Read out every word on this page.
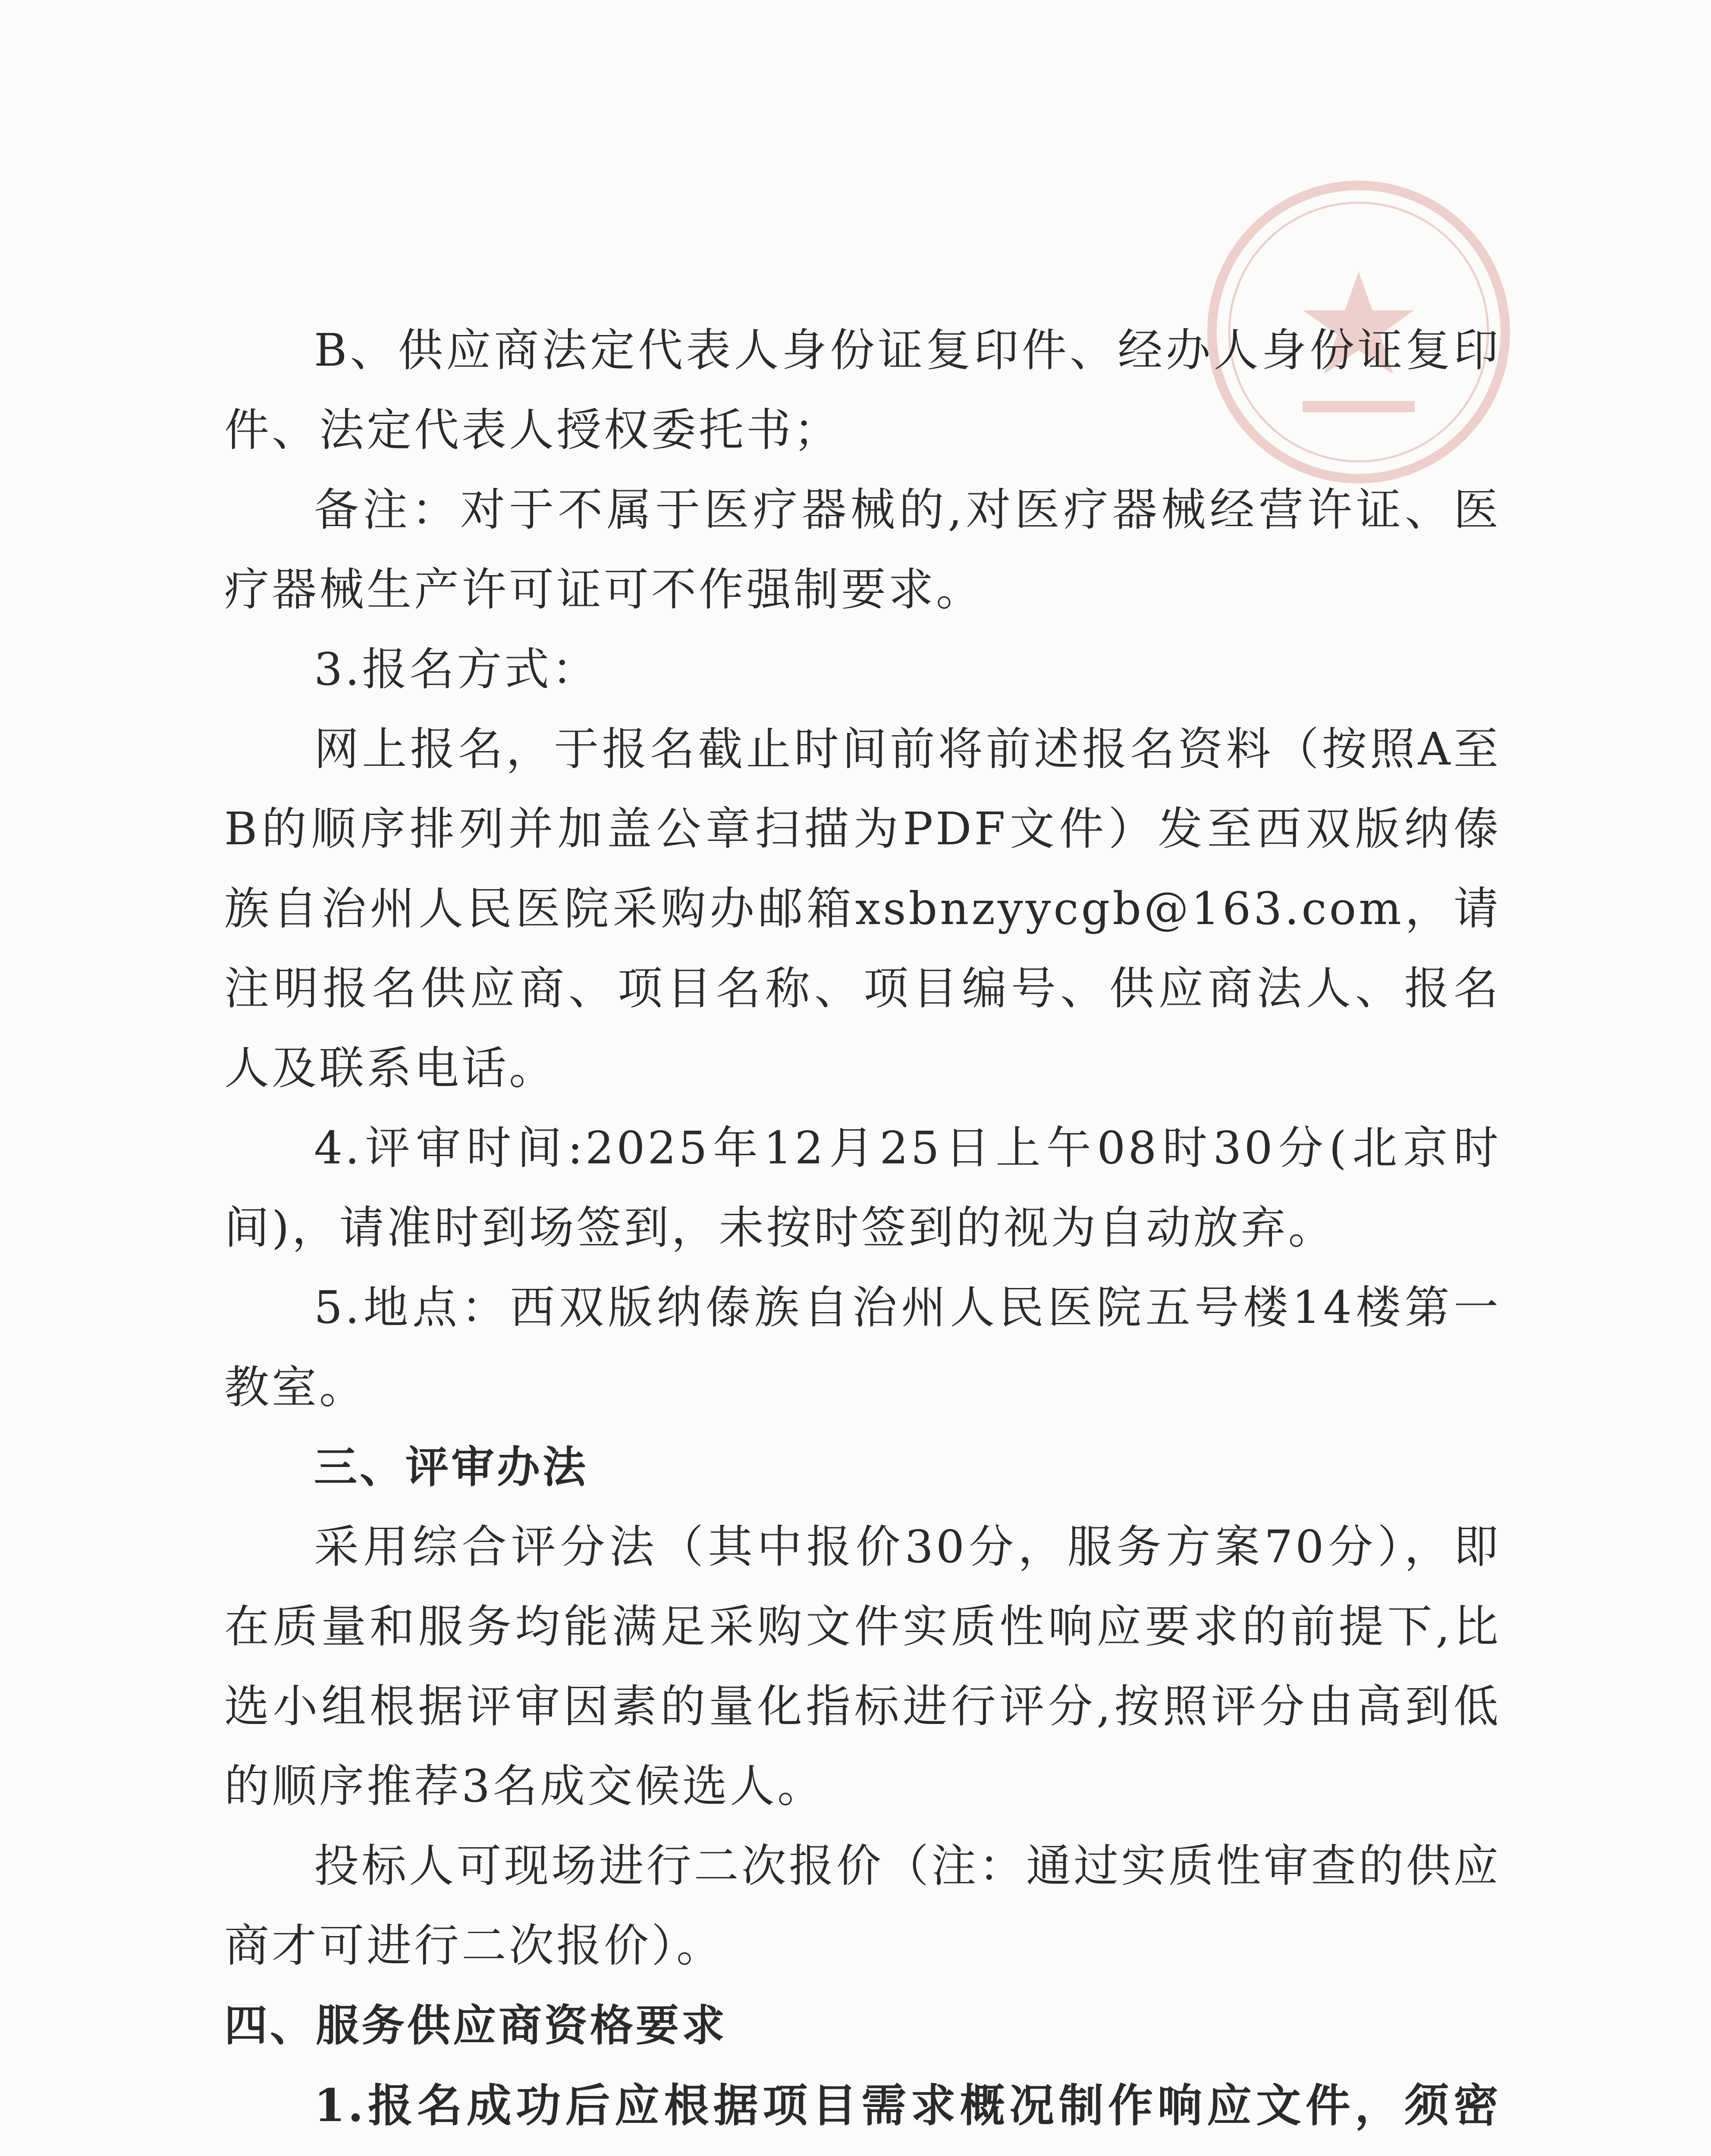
B、供应商法定代表人身份证复印件、经办人身份证复印件、法定代表人授权委托书；

备注：对于不属于医疗器械的,对医疗器械经营许证、医疗器械生产许可证可不作强制要求。

3.报名方式：

网上报名，于报名截止时间前将前述报名资料（按照A至B的顺序排列并加盖公章扫描为PDF文件）发至西双版纳傣族自治州人民医院采购办邮箱xsbnzyycgb@163.com，请注明报名供应商、项目名称、项目编号、供应商法人、报名人及联系电话。

4.评审时间:2025年12月25日上午08时30分(北京时间)，请准时到场签到，未按时签到的视为自动放弃。

5.地点：西双版纳傣族自治州人民医院五号楼14楼第一教室。

三、评审办法

采用综合评分法（其中报价30分，服务方案70分），即在质量和服务均能满足采购文件实质性响应要求的前提下,比选小组根据评审因素的量化指标进行评分,按照评分由高到低的顺序推荐3名成交候选人。

投标人可现场进行二次报价（注：通过实质性审查的供应商才可进行二次报价）。

四、服务供应商资格要求

1.报名成功后应根据项目需求概况制作响应文件，须密
